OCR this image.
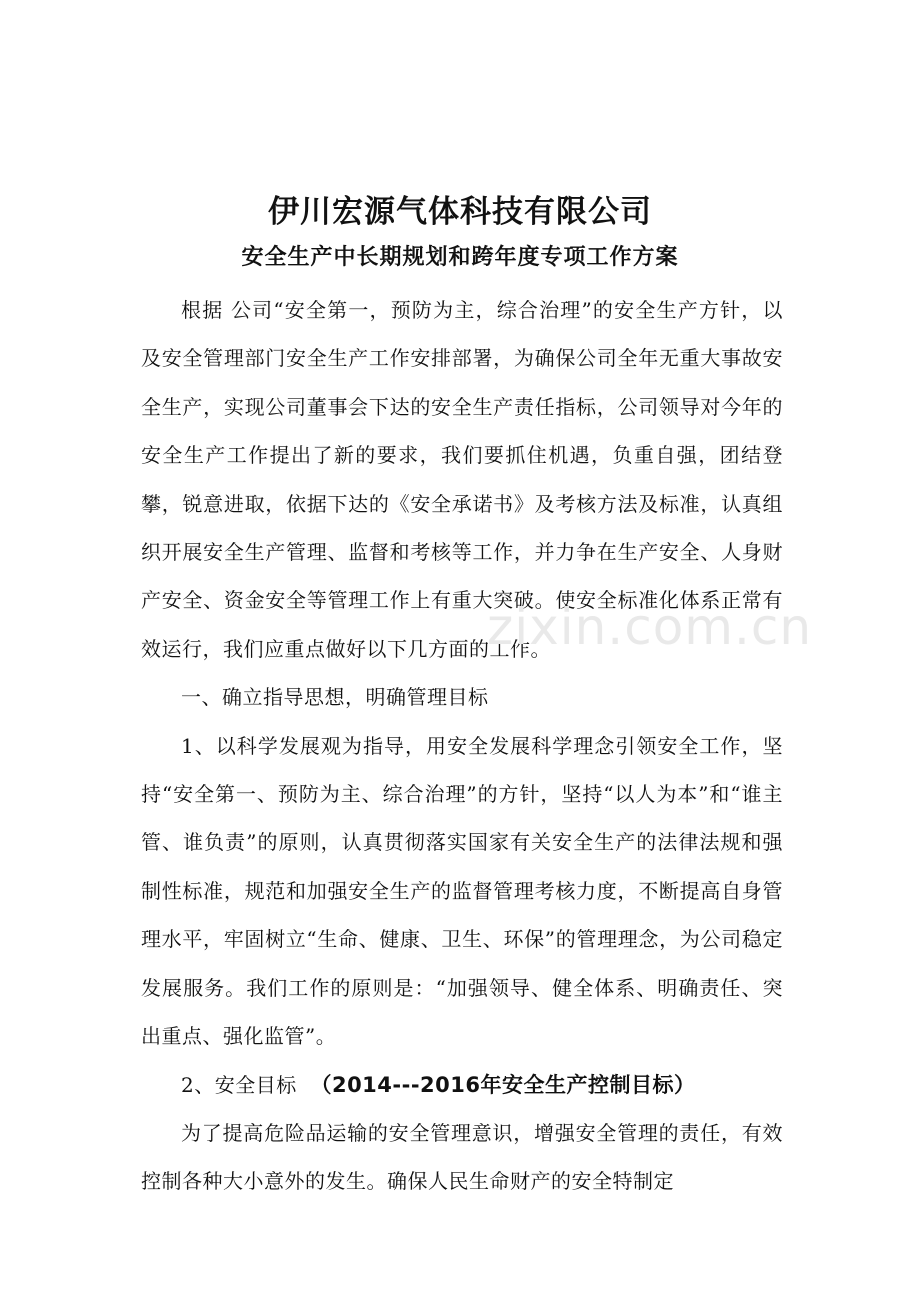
伊川宏源气体科技有限公司
安全生产中长期规划和跨年度专项工作方案

根据 公司“安全第一，预防为主，综合治理”的安全生产方针，以及安全管理部门安全生产工作安排部署，为确保公司全年无重大事故安全生产，实现公司董事会下达的安全生产责任指标，公司领导对今年的安全生产工作提出了新的要求，我们要抓住机遇，负重自强，团结登攀，锐意进取，依据下达的《安全承诺书》及考核方法及标准，认真组织开展安全生产管理、监督和考核等工作，并力争在生产安全、人身财产安全、资金安全等管理工作上有重大突破。使安全标准化体系正常有效运行，我们应重点做好以下几方面的工作。

一、确立指导思想，明确管理目标

1、以科学发展观为指导，用安全发展科学理念引领安全工作，坚持“安全第一、预防为主、综合治理”的方针，坚持“以人为本”和“谁主管、谁负责”的原则，认真贯彻落实国家有关安全生产的法律法规和强制性标准，规范和加强安全生产的监督管理考核力度，不断提高自身管理水平，牢固树立“生命、健康、卫生、环保”的管理理念，为公司稳定发展服务。我们工作的原则是：“加强领导、健全体系、明确责任、突出重点、强化监管”。

2、安全目标  （2014---2016年安全生产控制目标）

为了提高危险品运输的安全管理意识，增强安全管理的责任，有效控制各种大小意外的发生。确保人民生命财产的安全特制定

zixin.com.cn
